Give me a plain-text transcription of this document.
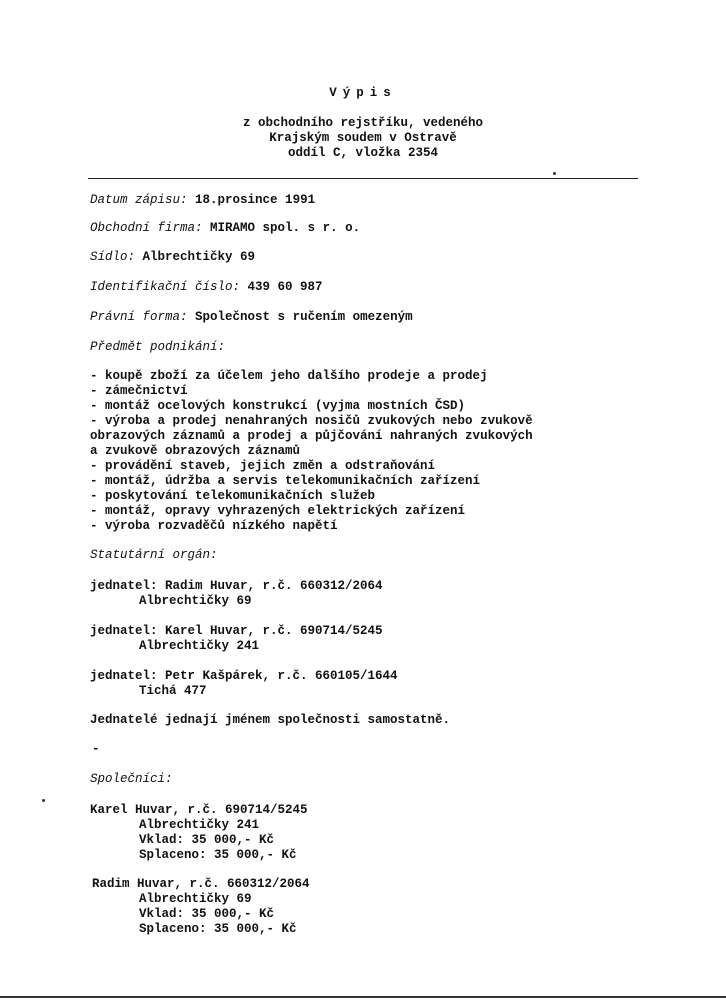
Výpis
z obchodního rejstříku, vedeného
Krajským soudem v Ostravě
oddíl C, vložka 2354
Datum zápisu: 18.prosince 1991
Obchodní firma: MIRAMO spol. s r. o.
Sídlo: Albrechtičky 69
Identifikační číslo: 439 60 987
Právní forma: Společnost s ručením omezeným
Předmět podnikání:
- koupě zboží za účelem jeho dalšího prodeje a prodej
- zámečnictví
- montáž ocelových konstrukcí (vyjma mostních ČSD)
- výroba a prodej nenahraných nosičů zvukových nebo zvukově
obrazových záznamů a prodej a půjčování nahraných zvukových
a zvukově obrazových záznamů
- provádění staveb, jejich změn a odstraňování
- montáž, údržba a servis telekomunikačních zařízení
- poskytování telekomunikačních služeb
- montáž, opravy vyhrazených elektrických zařízení
- výroba rozvaděčů nízkého napětí
Statutární orgán:
jednatel: Radim Huvar, r.č. 660312/2064
Albrechtičky 69
jednatel: Karel Huvar, r.č. 690714/5245
Albrechtičky 241
jednatel: Petr Kašpárek, r.č. 660105/1644
Tichá 477
Jednatelé jednají jménem společnosti samostatně.
-
Společníci:
Karel Huvar, r.č. 690714/5245
Albrechtičky 241
Vklad: 35 000,- Kč
Splaceno: 35 000,- Kč
Radim Huvar, r.č. 660312/2064
Albrechtičky 69
Vklad: 35 000,- Kč
Splaceno: 35 000,- Kč
